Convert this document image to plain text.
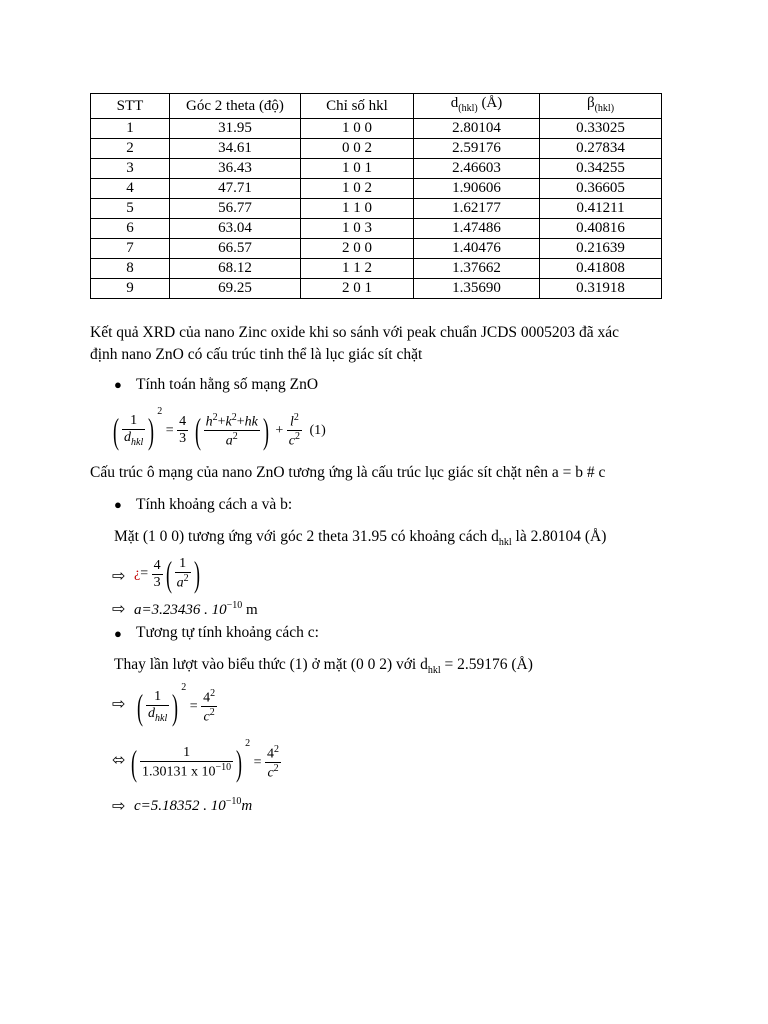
STT	Góc 2 theta (độ)	Chỉ số hkl	$d_{(hkl)}$ (Å)	$\beta_{(hkl)}$
1	31.95	1 0 0	2.80104	0.33025
2	34.61	0 0 2	2.59176	0.27834
3	36.43	1 0 1	2.46603	0.34255
4	47.71	1 0 2	1.90606	0.36605
5	56.77	1 1 0	1.62177	0.41211
6	63.04	1 0 3	1.47486	0.40816
7	66.57	2 0 0	1.40476	0.21639
8	68.12	1 1 2	1.37662	0.41808
9	69.25	2 0 1	1.35690	0.31918
Kết quả XRD của nano Zinc oxide khi so sánh với peak chuẩn JCDS 0005203 đã xác
định nano ZnO có cấu trúc tinh thể là lục giác sít chặt
● Tính toán hằng số mạng ZnO
( $\frac{1}{d_{hkl}}$ ) $^2 = \frac{4}{3}$ ( $\frac{h^2+k^2+hk}{a^2}$ ) + $\frac{l^2}{c^2} (1)$
Cấu trúc ô mạng của nano ZnO tương ứng là cấu trúc lục giác sít chặt nên a = b # c
● Tính khoảng cách a và b:
Mặt (1 0 0) tương ứng với góc 2 theta 31.95 có khoảng cách $d_{hkl}$ là 2.80104 (Å)
⇨ ¿= $\frac{4}{3}$ ( $\frac{1}{a^2}$ )
⇨ a=3.23436 . $10^{-10}$ m
● Tương tự tính khoảng cách c:
Thay lần lượt vào biểu thức (1) ở mặt (0 0 2) với $d_{hkl} = 2.59176$ (Å)
⇨ ( $\frac{1}{d_{hkl}}$ ) $^2 = \frac{4^2}{c^2}$
⬄ ( $\frac{1}{1.30131 x 10^{-10}}$ ) $^2 = \frac{4^2}{c^2}$
⇨ c=5.18352 . $10^{-10}m$
